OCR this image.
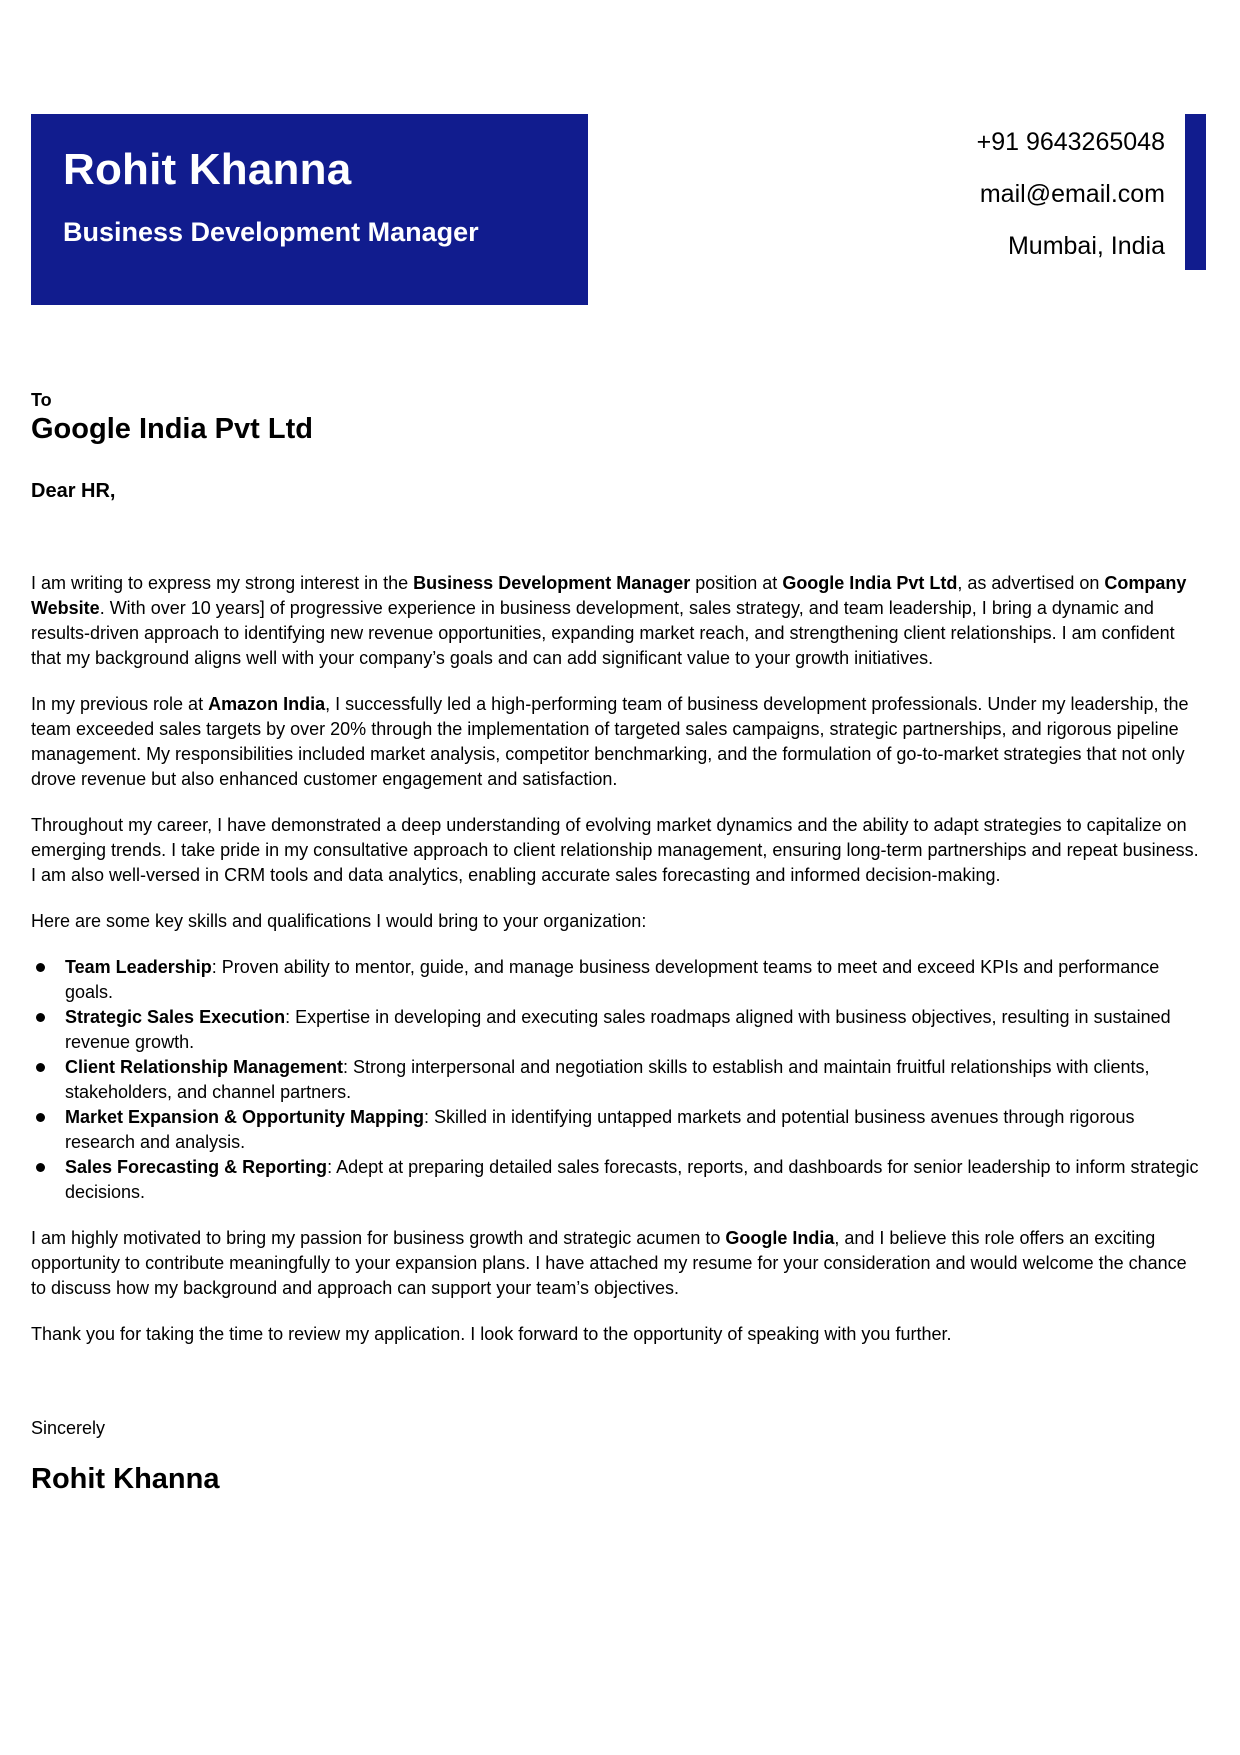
Rohit Khanna
Business Development Manager
+91 9643265048
mail@email.com
Mumbai, India
To
Google India Pvt Ltd
Dear HR,

I am writing to express my strong interest in the Business Development Manager position at Google India Pvt Ltd, as advertised on Company Website. With over 10 years] of progressive experience in business development, sales strategy, and team leadership, I bring a dynamic and results-driven approach to identifying new revenue opportunities, expanding market reach, and strengthening client relationships. I am confident that my background aligns well with your company’s goals and can add significant value to your growth initiatives.

In my previous role at Amazon India, I successfully led a high-performing team of business development professionals. Under my leadership, the team exceeded sales targets by over 20% through the implementation of targeted sales campaigns, strategic partnerships, and rigorous pipeline management. My responsibilities included market analysis, competitor benchmarking, and the formulation of go-to-market strategies that not only drove revenue but also enhanced customer engagement and satisfaction.

Throughout my career, I have demonstrated a deep understanding of evolving market dynamics and the ability to adapt strategies to capitalize on emerging trends. I take pride in my consultative approach to client relationship management, ensuring long-term partnerships and repeat business. I am also well-versed in CRM tools and data analytics, enabling accurate sales forecasting and informed decision-making.

Here are some key skills and qualifications I would bring to your organization:

Team Leadership: Proven ability to mentor, guide, and manage business development teams to meet and exceed KPIs and performance goals.
Strategic Sales Execution: Expertise in developing and executing sales roadmaps aligned with business objectives, resulting in sustained revenue growth.
Client Relationship Management: Strong interpersonal and negotiation skills to establish and maintain fruitful relationships with clients, stakeholders, and channel partners.
Market Expansion & Opportunity Mapping: Skilled in identifying untapped markets and potential business avenues through rigorous research and analysis.
Sales Forecasting & Reporting: Adept at preparing detailed sales forecasts, reports, and dashboards for senior leadership to inform strategic decisions.

I am highly motivated to bring my passion for business growth and strategic acumen to Google India, and I believe this role offers an exciting opportunity to contribute meaningfully to your expansion plans. I have attached my resume for your consideration and would welcome the chance to discuss how my background and approach can support your team’s objectives.

Thank you for taking the time to review my application. I look forward to the opportunity of speaking with you further.

Sincerely
Rohit Khanna
